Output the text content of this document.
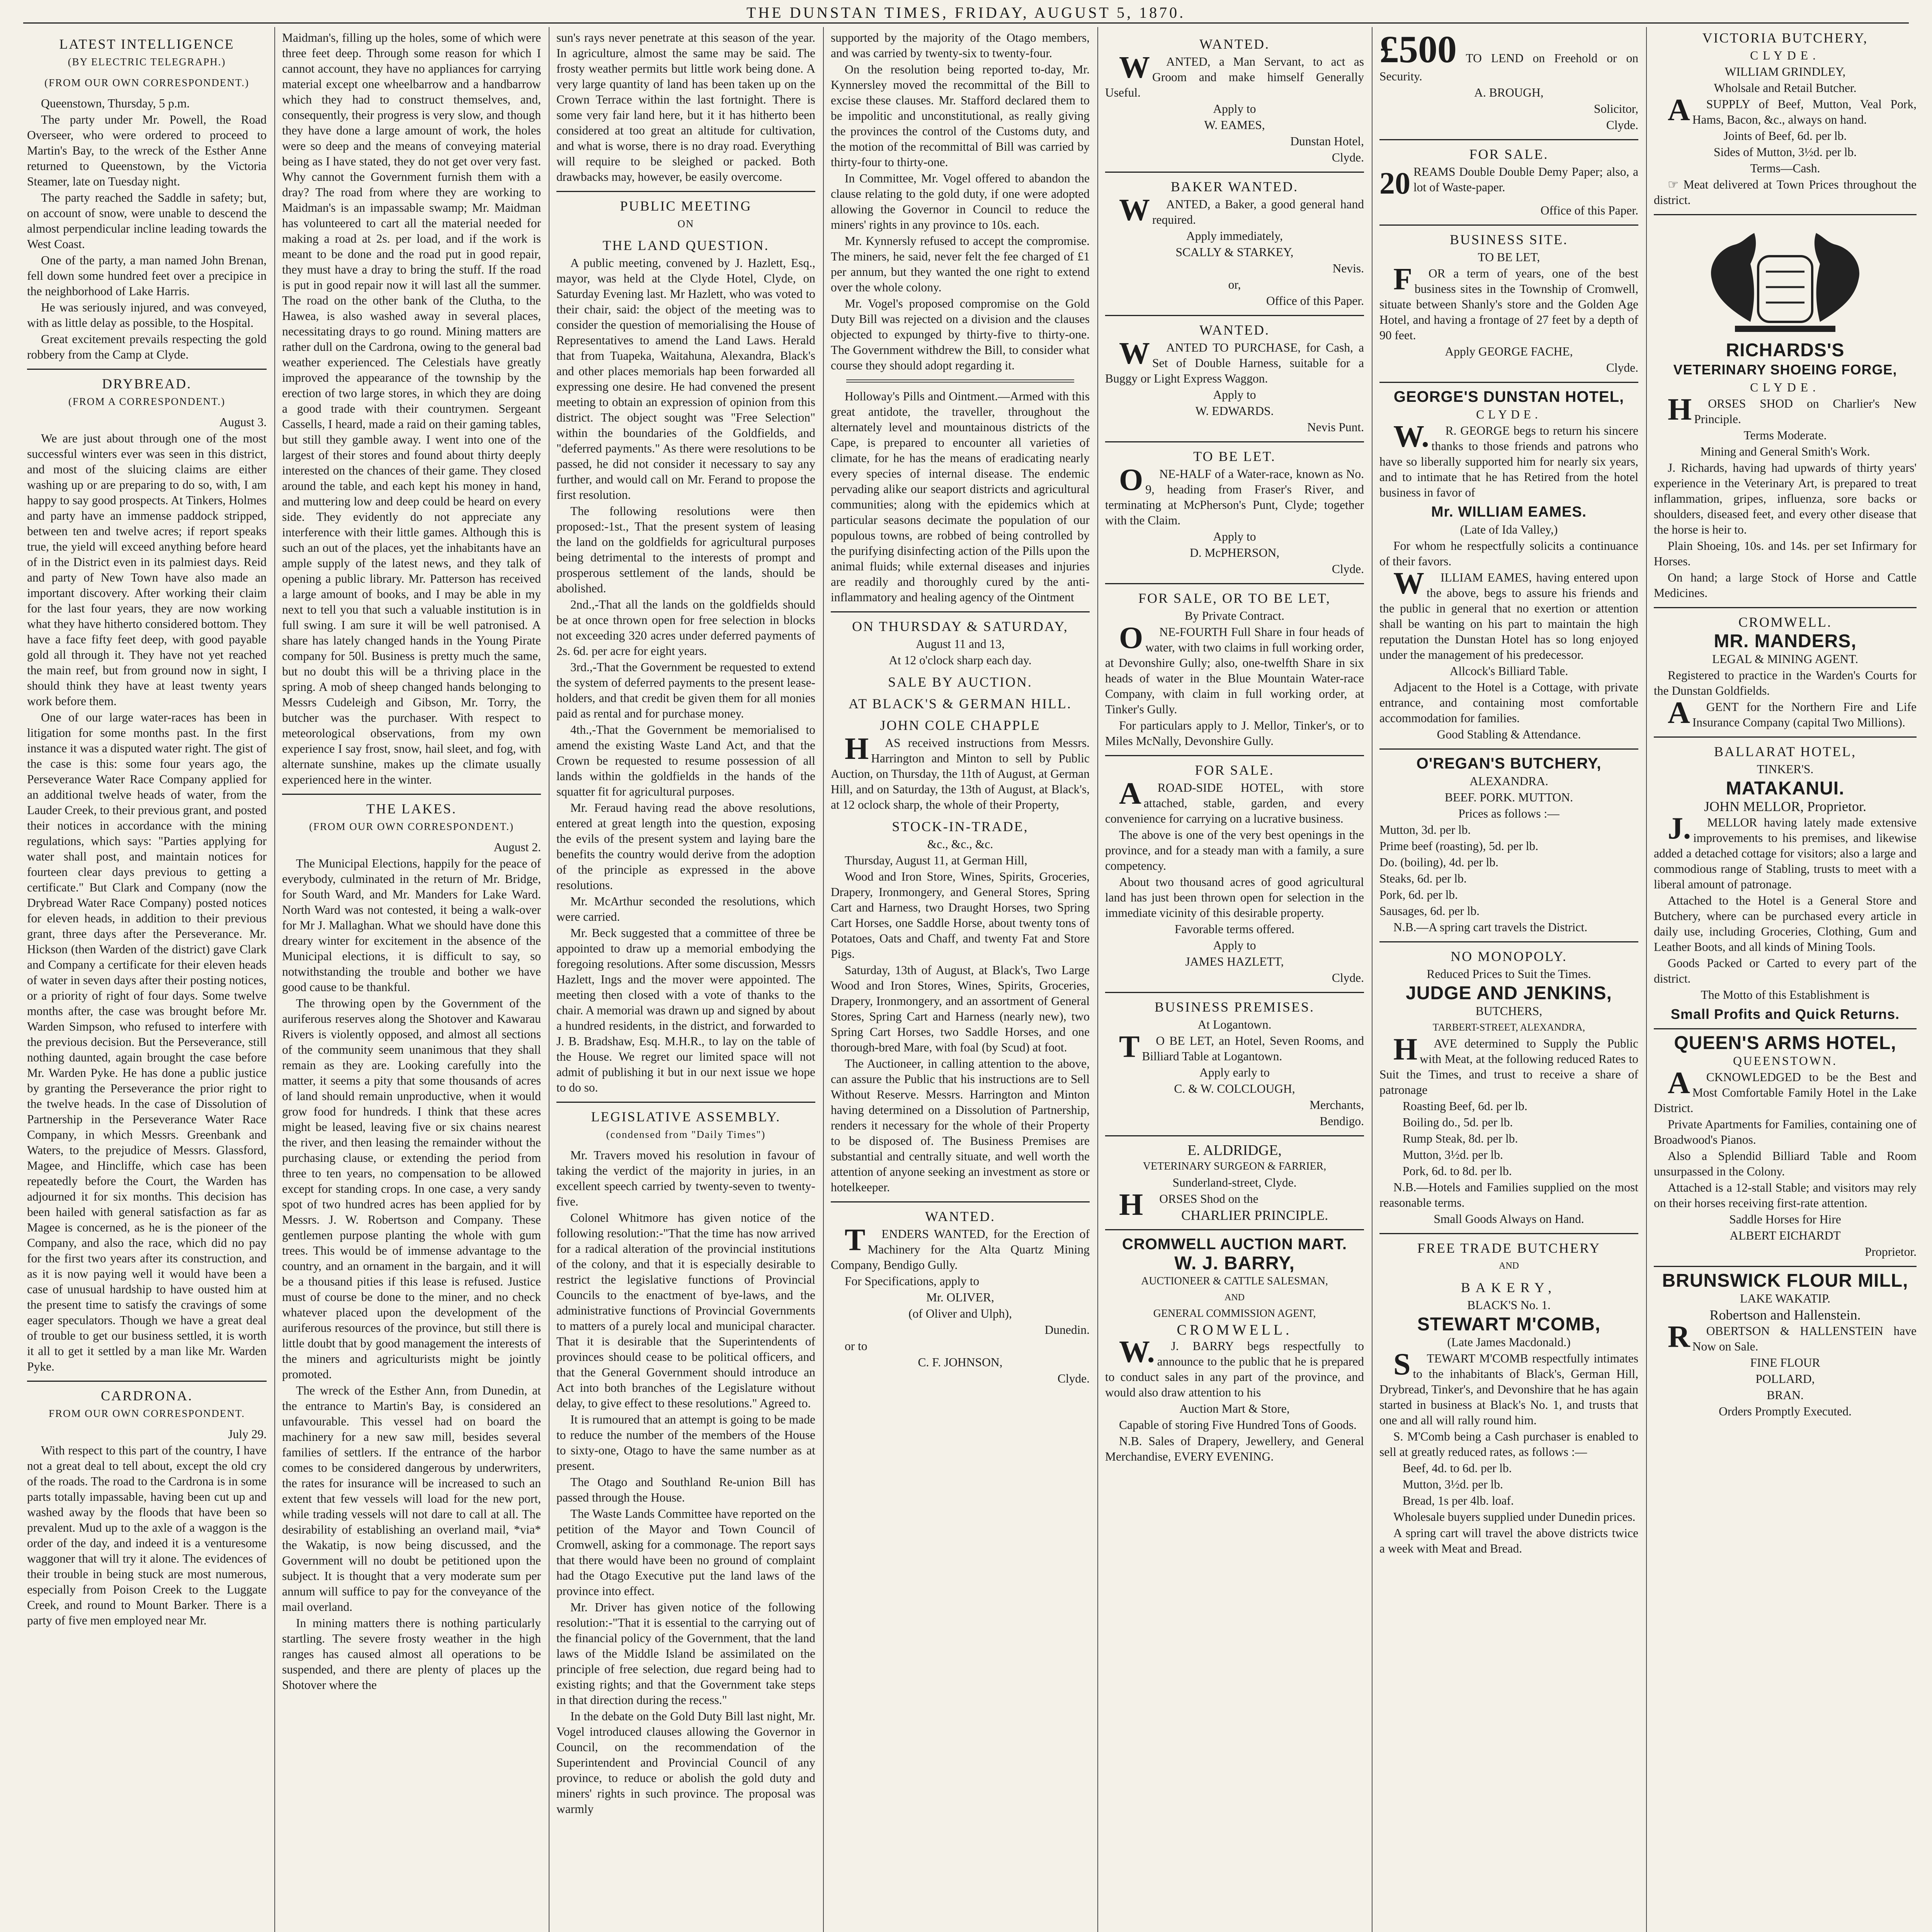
THE DUNSTAN TIMES, FRIDAY, AUGUST 5, 1870.
LATEST INTELLIGENCE
(BY ELECTRIC TELEGRAPH.)
(FROM OUR OWN CORRESPONDENT.)

Queenstown, Thursday, 5 p.m.

The party under Mr. Powell, the Road Overseer, who were ordered to proceed to Martin's Bay, to the wreck of the Esther Anne returned to Queenstown, by the Victoria Steamer, late on Tuesday night.

The party reached the Saddle in safety; but, on account of snow, were unable to descend the almost perpendicular incline leading towards the West Coast.

One of the party, a man named John Brenan, fell down some hundred feet over a precipice in the neighborhood of Lake Harris.

He was seriously injured, and was conveyed, with as little delay as possible, to the Hospital.

Great excitement prevails respecting the gold robbery from the Camp at Clyde.

DRYBREAD.
(FROM A CORRESPONDENT.)

August 3.

We are just about through one of the most successful winters ever was seen in this district, and most of the sluicing claims are either washing up or are preparing to do so, with, I am happy to say good prospects. At Tinkers, Holmes and party have an immense paddock stripped, between ten and twelve acres; if report speaks true, the yield will exceed anything before heard of in the District even in its palmiest days. Reid and party of New Town have also made an important discovery. After working their claim for the last four years, they are now working what they have hitherto considered bottom. They have a face fifty feet deep, with good payable gold all through it. They have not yet reached the main reef, but from ground now in sight, I should think they have at least twenty years work before them.

One of our large water-races has been in litigation for some months past. In the first instance it was a disputed water right. The gist of the case is this: some four years ago, the Perseverance Water Race Company applied for an additional twelve heads of water, from the Lauder Creek, to their previous grant, and posted their notices in accordance with the mining regulations, which says: "Parties applying for water shall post, and maintain notices for fourteen clear days previous to getting a certificate." But Clark and Company (now the Drybread Water Race Company) posted notices for eleven heads, in addition to their previous grant, three days after the Perseverance. Mr. Hickson (then Warden of the district) gave Clark and Company a certificate for their eleven heads of water in seven days after their posting notices, or a priority of right of four days. Some twelve months after, the case was brought before Mr. Warden Simpson, who refused to interfere with the previous decision. But the Perseverance, still nothing daunted, again brought the case before Mr. Warden Pyke. He has done a public justice by granting the Perseverance the prior right to the twelve heads. In the case of Dissolution of Partnership in the Perseverance Water Race Company, in which Messrs. Greenbank and Waters, to the prejudice of Messrs. Glassford, Magee, and Hincliffe, which case has been repeatedly before the Court, the Warden has adjourned it for six months. This decision has been hailed with general satisfaction as far as Magee is concerned, as he is the pioneer of the Company, and also the race, which did no pay for the first two years after its construction, and as it is now paying well it would have been a case of unusual hardship to have ousted him at the present time to satisfy the cravings of some eager speculators. Though we have a great deal of trouble to get our business settled, it is worth it all to get it settled by a man like Mr. Warden Pyke.

CARDRONA.
FROM OUR OWN CORRESPONDENT.

July 29.

With respect to this part of the country, I have not a great deal to tell about, except the old cry of the roads. The road to the Cardrona is in some parts totally impassable, having been cut up and washed away by the floods that have been so prevalent. Mud up to the axle of a waggon is the order of the day, and indeed it is a venturesome waggoner that will try it alone. The evidences of their trouble in being stuck are most numerous, especially from Poison Creek to the Luggate Creek, and round to Mount Barker. There is a party of five men employed near Mr.

Maidman's, filling up the holes, some of which were three feet deep. Through some reason for which I cannot account, they have no appliances for carrying material except one wheelbarrow and a handbarrow which they had to construct themselves, and, consequently, their progress is very slow, and though they have done a large amount of work, the holes were so deep and the means of conveying material being as I have stated, they do not get over very fast. Why cannot the Government furnish them with a dray? The road from where they are working to Maidman's is an impassable swamp; Mr. Maidman has volunteered to cart all the material needed for making a road at 2s. per load, and if the work is meant to be done and the road put in good repair, they must have a dray to bring the stuff. If the road is put in good repair now it will last all the summer. The road on the other bank of the Clutha, to the Hawea, is also washed away in several places, necessitating drays to go round. Mining matters are rather dull on the Cardrona, owing to the general bad weather experienced. The Celestials have greatly improved the appearance of the township by the erection of two large stores, in which they are doing a good trade with their countrymen. Sergeant Cassells, I heard, made a raid on their gaming tables, but still they gamble away. I went into one of the largest of their stores and found about thirty deeply interested on the chances of their game. They closed around the table, and each kept his money in hand, and muttering low and deep could be heard on every side. They evidently do not appreciate any interference with their little games. Although this is such an out of the places, yet the inhabitants have an ample supply of the latest news, and they talk of opening a public library. Mr. Patterson has received a large amount of books, and I may be able in my next to tell you that such a valuable institution is in full swing. I am sure it will be well patronised. A share has lately changed hands in the Young Pirate company for 50l. Business is pretty much the same, but no doubt this will be a thriving place in the spring. A mob of sheep changed hands belonging to Messrs Cudeleigh and Gibson, Mr. Torry, the butcher was the purchaser. With respect to meteorological observations, from my own experience I say frost, snow, hail sleet, and fog, with alternate sunshine, makes up the climate usually experienced here in the winter.

THE LAKES.
(FROM OUR OWN CORRESPONDENT.)

August 2.

The Municipal Elections, happily for the peace of everybody, culminated in the return of Mr. Bridge, for South Ward, and Mr. Manders for Lake Ward. North Ward was not contested, it being a walk-over for Mr J. Mallaghan. What we should have done this dreary winter for excitement in the absence of the Municipal elections, it is difficult to say, so notwithstanding the trouble and bother we have good cause to be thankful.

The throwing open by the Government of the auriferous reserves along the Shotover and Kawarau Rivers is violently opposed, and almost all sections of the community seem unanimous that they shall remain as they are. Looking carefully into the matter, it seems a pity that some thousands of acres of land should remain unproductive, when it would grow food for hundreds. I think that these acres might be leased, leaving five or six chains nearest the river, and then leasing the remainder without the purchasing clause, or extending the period from three to ten years, no compensation to be allowed except for standing crops. In one case, a very sandy spot of two hundred acres has been applied for by Messrs. J. W. Robertson and Company. These gentlemen purpose planting the whole with gum trees. This would be of immense advantage to the country, and an ornament in the bargain, and it will be a thousand pities if this lease is refused. Justice must of course be done to the miner, and no check whatever placed upon the development of the auriferous resources of the province, but still there is little doubt that by good management the interests of the miners and agriculturists might be jointly promoted.

The wreck of the Esther Ann, from Dunedin, at the entrance to Martin's Bay, is considered an unfavourable. This vessel had on board the machinery for a new saw mill, besides several families of settlers. If the entrance of the harbor comes to be considered dangerous by underwriters, the rates for insurance will be increased to such an extent that few vessels will load for the new port, while trading vessels will not dare to call at all. The desirability of establishing an overland mail, *via* the Wakatip, is now being discussed, and the Government will no doubt be petitioned upon the subject. It is thought that a very moderate sum per annum will suffice to pay for the conveyance of the mail overland.

In mining matters there is nothing particularly startling. The severe frosty weather in the high ranges has caused almost all operations to be suspended, and there are plenty of places up the Shotover where the

sun's rays never penetrate at this season of the year. In agriculture, almost the same may be said. The frosty weather permits but little work being done. A very large quantity of land has been taken up on the Crown Terrace within the last fortnight. There is some very fair land here, but it it has hitherto been considered at too great an altitude for cultivation, and what is worse, there is no dray road. Everything will require to be sleighed or packed. Both drawbacks may, however, be easily overcome.

PUBLIC MEETING
ON
THE LAND QUESTION.

A public meeting, convened by J. Hazlett, Esq., mayor, was held at the Clyde Hotel, Clyde, on Saturday Evening last. Mr Hazlett, who was voted to their chair, said: the object of the meeting was to consider the question of memorialising the House of Representatives to amend the Land Laws. Herald that from Tuapeka, Waitahuna, Alexandra, Black's and other places memorials hap been forwarded all expressing one desire. He had convened the present meeting to obtain an expression of opinion from this district. The object sought was "Free Selection" within the boundaries of the Goldfields, and "deferred payments." As there were resolutions to be passed, he did not consider it necessary to say any further, and would call on Mr. Ferand to propose the first resolution.

The following resolutions were then proposed:-1st., That the present system of leasing the land on the goldfields for agricultural purposes being detrimental to the interests of prompt and prosperous settlement of the lands, should be abolished.

2nd.,-That all the lands on the goldfields should be at once thrown open for free selection in blocks not exceeding 320 acres under deferred payments of 2s. 6d. per acre for eight years.

3rd.,-That the Government be requested to extend the system of deferred payments to the present lease-holders, and that credit be given them for all monies paid as rental and for purchase money.

4th.,-That the Government be memorialised to amend the existing Waste Land Act, and that the Crown be requested to resume possession of all lands within the goldfields in the hands of the squatter fit for agricultural purposes.

Mr. Feraud having read the above resolutions, entered at great length into the question, exposing the evils of the present system and laying bare the benefits the country would derive from the adoption of the principle as expressed in the above resolutions.

Mr. McArthur seconded the resolutions, which were carried.

Mr. Beck suggested that a committee of three be appointed to draw up a memorial embodying the foregoing resolutions. After some discussion, Messrs Hazlett, Ings and the mover were appointed. The meeting then closed with a vote of thanks to the chair. A memorial was drawn up and signed by about a hundred residents, in the district, and forwarded to J. B. Bradshaw, Esq. M.H.R., to lay on the table of the House. We regret our limited space will not admit of publishing it but in our next issue we hope to do so.

LEGISLATIVE ASSEMBLY.
(condensed from "Daily Times")

Mr. Travers moved his resolution in favour of taking the verdict of the majority in juries, in an excellent speech carried by twenty-seven to twenty-five.

Colonel Whitmore has given notice of the following resolution:-"That the time has now arrived for a radical alteration of the provincial institutions of the colony, and that it is especially desirable to restrict the legislative functions of Provincial Councils to the enactment of bye-laws, and the administrative functions of Provincial Governments to matters of a purely local and municipal character. That it is desirable that the Superintendents of provinces should cease to be political officers, and that the General Government should introduce an Act into both branches of the Legislature without delay, to give effect to these resolutions." Agreed to.

It is rumoured that an attempt is going to be made to reduce the number of the members of the House to sixty-one, Otago to have the same number as at present.

The Otago and Southland Re-union Bill has passed through the House.

The Waste Lands Committee have reported on the petition of the Mayor and Town Council of Cromwell, asking for a commonage. The report says that there would have been no ground of complaint had the Otago Executive put the land laws of the province into effect.

Mr. Driver has given notice of the following resolution:-"That it is essential to the carrying out of the financial policy of the Government, that the land laws of the Middle Island be assimilated on the principle of free selection, due regard being had to existing rights; and that the Government take steps in that direction during the recess."

In the debate on the Gold Duty Bill last night, Mr. Vogel introduced clauses allowing the Governor in Council, on the recommendation of the Superintendent and Provincial Council of any province, to reduce or abolish the gold duty and miners' rights in such province. The proposal was warmly

supported by the majority of the Otago members, and was carried by twenty-six to twenty-four.

On the resolution being reported to-day, Mr. Kynnersley moved the recommittal of the Bill to excise these clauses. Mr. Stafford declared them to be impolitic and unconstitutional, as really giving the provinces the control of the Customs duty, and the motion of the recommittal of Bill was carried by thirty-four to thirty-one.

In Committee, Mr. Vogel offered to abandon the clause relating to the gold duty, if one were adopted allowing the Governor in Council to reduce the miners' rights in any province to 10s. each.

Mr. Kynnersly refused to accept the compromise. The miners, he said, never felt the fee charged of £1 per annum, but they wanted the one right to extend over the whole colony.

Mr. Vogel's proposed compromise on the Gold Duty Bill was rejected on a division and the clauses objected to expunged by thirty-five to thirty-one. The Government withdrew the Bill, to consider what course they should adopt regarding it.

Holloway's Pills and Ointment.—Armed with this great antidote, the traveller, throughout the alternately level and mountainous districts of the Cape, is prepared to encounter all varieties of climate, for he has the means of eradicating nearly every species of internal disease. The endemic pervading alike our seaport districts and agricultural communities; along with the epidemics which at particular seasons decimate the population of our populous towns, are robbed of being controlled by the purifying disinfecting action of the Pills upon the animal fluids; while external diseases and injuries are readily and thoroughly cured by the anti-inflammatory and healing agency of the Ointment

ON THURSDAY & SATURDAY,

August 11 and 13,

At 12 o'clock sharp each day.

SALE BY AUCTION.
AT BLACK'S & GERMAN HILL.
JOHN COLE CHAPPLE

HAS received instructions from Messrs. Harrington and Minton to sell by Public Auction, on Thursday, the 11th of August, at German Hill, and on Saturday, the 13th of August, at Black's, at 12 oclock sharp, the whole of their Property,

STOCK-IN-TRADE,

&c., &c., &c.

Thursday, August 11, at German Hill,

Wood and Iron Store, Wines, Spirits, Groceries, Drapery, Ironmongery, and General Stores, Spring Cart and Harness, two Draught Horses, two Spring Cart Horses, one Saddle Horse, about twenty tons of Potatoes, Oats and Chaff, and twenty Fat and Store Pigs.

Saturday, 13th of August, at Black's, Two Large Wood and Iron Stores, Wines, Spirits, Groceries, Drapery, Ironmongery, and an assortment of General Stores, Spring Cart and Harness (nearly new), two Spring Cart Horses, two Saddle Horses, and one thorough-bred Mare, with foal (by Scud) at foot.

The Auctioneer, in calling attention to the above, can assure the Public that his instructions are to Sell Without Reserve. Messrs. Harrington and Minton having determined on a Dissolution of Partnership, renders it necessary for the whole of their Property to be disposed of. The Business Premises are substantial and centrally situate, and well worth the attention of anyone seeking an investment as store or hotelkeeper.

WANTED.

TENDERS WANTED, for the Erection of Machinery for the Alta Quartz Mining Company, Bendigo Gully.

For Specifications, apply to

Mr. OLIVER,

(of Oliver and Ulph),

Dunedin.

or to

C. F. JOHNSON,

Clyde.

WANTED.

WANTED, a Man Servant, to act as Groom and make himself Generally Useful.

Apply to

W. EAMES,

Dunstan Hotel,

Clyde.

BAKER WANTED.

WANTED, a Baker, a good general hand required.

Apply immediately,

SCALLY & STARKEY,

Nevis.

or,

Office of this Paper.

WANTED.

WANTED TO PURCHASE, for Cash, a Set of Double Harness, suitable for a Buggy or Light Express Waggon.

Apply to

W. EDWARDS.

Nevis Punt.

TO BE LET.

ONE-HALF of a Water-race, known as No. 9, heading from Fraser's River, and terminating at McPherson's Punt, Clyde; together with the Claim.

Apply to

D. McPHERSON,

Clyde.

FOR SALE, OR TO BE LET,

By Private Contract.

ONE-FOURTH Full Share in four heads of water, with two claims in full working order, at Devonshire Gully; also, one-twelfth Share in six heads of water in the Blue Mountain Water-race Company, with claim in full working order, at Tinker's Gully.

For particulars apply to J. Mellor, Tinker's, or to Miles McNally, Devonshire Gully.

FOR SALE.

AROAD-SIDE HOTEL, with store attached, stable, garden, and every convenience for carrying on a lucrative business.

The above is one of the very best openings in the province, and for a steady man with a family, a sure competency.

About two thousand acres of good agricultural land has just been thrown open for selection in the immediate vicinity of this desirable property.

Favorable terms offered.

Apply to

JAMES HAZLETT,

Clyde.

BUSINESS PREMISES.

At Logantown.

TO BE LET, an Hotel, Seven Rooms, and Billiard Table at Logantown.

Apply early to

C. & W. COLCLOUGH,

Merchants,

Bendigo.

E. ALDRIDGE,

VETERINARY SURGEON & FARRIER,

Sunderland-street, Clyde.

HORSES Shod on the

CHARLIER PRINCIPLE.

CROMWELL AUCTION MART.
W. J. BARRY,

AUCTIONEER & CATTLE SALESMAN,

AND

GENERAL COMMISSION AGENT,

CROMWELL.

W.J. BARRY begs respectfully to announce to the public that he is prepared to conduct sales in any part of the province, and would also draw attention to his

Auction Mart & Store,

Capable of storing Five Hundred Tons of Goods.

N.B. Sales of Drapery, Jewellery, and General Merchandise, EVERY EVENING.

£500 TO LEND on Freehold or on Security.

A. BROUGH,

Solicitor,

Clyde.

FOR SALE.

20 REAMS Double Double Demy Paper; also, a lot of Waste-paper.

Office of this Paper.

BUSINESS SITE.

TO BE LET,

FOR a term of years, one of the best business sites in the Township of Cromwell, situate between Shanly's store and the Golden Age Hotel, and having a frontage of 27 feet by a depth of 90 feet.

Apply GEORGE FACHE,

Clyde.

GEORGE'S DUNSTAN HOTEL,

CLYDE.

W.R. GEORGE begs to return his sincere thanks to those friends and patrons who have so liberally supported him for nearly six years, and to intimate that he has Retired from the hotel business in favor of

Mr. WILLIAM EAMES.

(Late of Ida Valley,)

For whom he respectfully solicits a continuance of their favors.

WILLIAM EAMES, having entered upon the above, begs to assure his friends and the public in general that no exertion or attention shall be wanting on his part to maintain the high reputation the Dunstan Hotel has so long enjoyed under the management of his predecessor.

Allcock's Billiard Table.

Adjacent to the Hotel is a Cottage, with private entrance, and containing most comfortable accommodation for families.

Good Stabling & Attendance.

O'REGAN'S BUTCHERY,

ALEXANDRA.

BEEF. PORK. MUTTON.

Prices as follows :—

Mutton, 3d. per lb.

Prime beef (roasting), 5d. per lb.

Do. (boiling), 4d. per lb.

Steaks, 6d. per lb.

Pork, 6d. per lb.

Sausages, 6d. per lb.

N.B.—A spring cart travels the District.

NO MONOPOLY.

Reduced Prices to Suit the Times.

JUDGE AND JENKINS,

BUTCHERS,

TARBERT-STREET, ALEXANDRA,

HAVE determined to Supply the Public with Meat, at the following reduced Rates to Suit the Times, and trust to receive a share of patronage

Roasting Beef, 6d. per lb.

Boiling do., 5d. per lb.

Rump Steak, 8d. per lb.

Mutton, 3½d. per lb.

Pork, 6d. to 8d. per lb.

N.B.—Hotels and Families supplied on the most reasonable terms.

Small Goods Always on Hand.

FREE TRADE BUTCHERY

AND

BAKERY,

BLACK'S No. 1.

STEWART M'COMB,

(Late James Macdonald.)

STEWART M'COMB respectfully intimates to the inhabitants of Black's, German Hill, Drybread, Tinker's, and Devonshire that he has again started in business at Black's No. 1, and trusts that one and all will rally round him.

S. M'Comb being a Cash purchaser is enabled to sell at greatly reduced rates, as follows :—

Beef, 4d. to 6d. per lb.

Mutton, 3½d. per lb.

Bread, 1s per 4lb. loaf.

Wholesale buyers supplied under Dunedin prices.

A spring cart will travel the above districts twice a week with Meat and Bread.

VICTORIA BUTCHERY,

CLYDE.

WILLIAM GRINDLEY,

Wholsale and Retail Butcher.

ASUPPLY of Beef, Mutton, Veal Pork, Hams, Bacon, &c., always on hand.

Joints of Beef, 6d. per lb.

Sides of Mutton, 3½d. per lb.

Terms—Cash.

☞ Meat delivered at Town Prices throughout the district.

RICHARDS'S
VETERINARY SHOEING FORGE,

CLYDE.

HORSES SHOD on Charlier's New Principle.

Terms Moderate.

Mining and General Smith's Work.

J. Richards, having had upwards of thirty years' experience in the Veterinary Art, is prepared to treat inflammation, gripes, influenza, sore backs or shoulders, diseased feet, and every other disease that the horse is heir to.

Plain Shoeing, 10s. and 14s. per set Infirmary for Horses.

On hand; a large Stock of Horse and Cattle Medicines.

CROMWELL.
MR. MANDERS,

LEGAL & MINING AGENT.

Registered to practice in the Warden's Courts for the Dunstan Goldfields.

AGENT for the Northern Fire and Life Insurance Company (capital Two Millions).

BALLARAT HOTEL,

TINKER'S.

MATAKANUI.

JOHN MELLOR, Proprietor.

J.MELLOR having lately made extensive improvements to his premises, and likewise added a detached cottage for visitors; also a large and commodious range of Stabling, trusts to meet with a liberal amount of patronage.

Attached to the Hotel is a General Store and Butchery, where can be purchased every article in daily use, including Groceries, Clothing, Gum and Leather Boots, and all kinds of Mining Tools.

Goods Packed or Carted to every part of the district.

The Motto of this Establishment is

Small Profits and Quick Returns.
QUEEN'S ARMS HOTEL,

QUEENSTOWN.

ACKNOWLEDGED to be the Best and Most Comfortable Family Hotel in the Lake District.

Private Apartments for Families, containing one of Broadwood's Pianos.

Also a Splendid Billiard Table and Room unsurpassed in the Colony.

Attached is a 12-stall Stable; and visitors may rely on their horses receiving first-rate attention.

Saddle Horses for Hire

ALBERT EICHARDT

Proprietor.

BRUNSWICK FLOUR MILL,

LAKE WAKATIP.

Robertson and Hallenstein.

ROBERTSON & HALLENSTEIN have Now on Sale.

FINE FLOUR

POLLARD,

BRAN.

Orders Promptly Executed.
